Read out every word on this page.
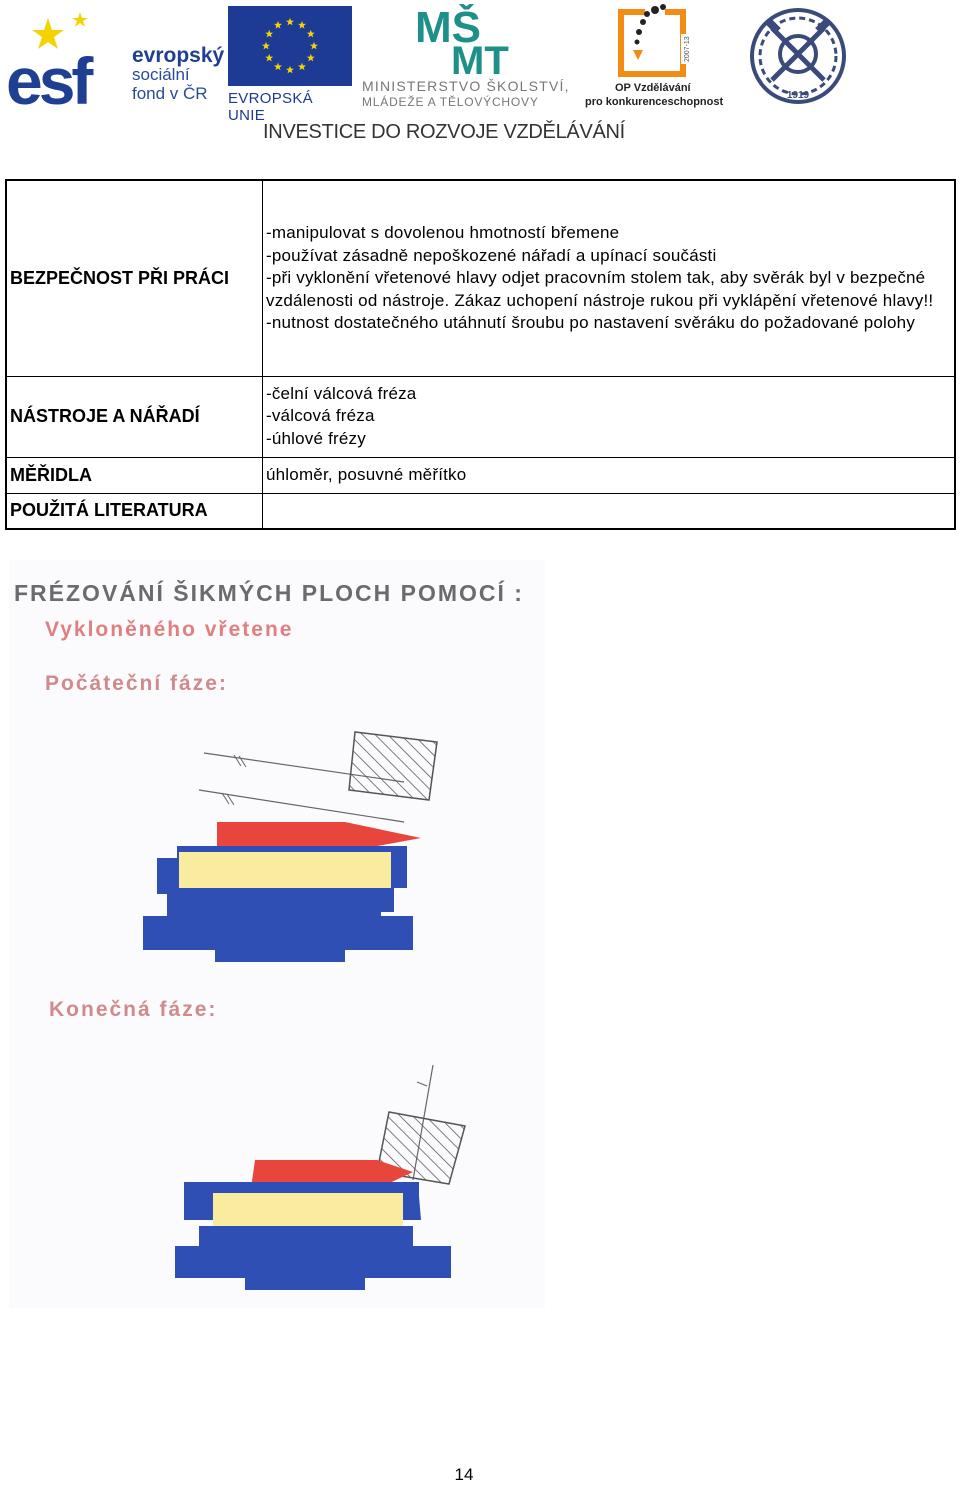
esf evropský
sociální
fond v ČR	EVROPSKÁ UNIE
MŠ
MT
MINISTERSTVO ŠKOLSTVÍ,
MLÁDEŽE A TĚLOVÝCHOVY
2007-13
OP Vzdělávání
pro konkurenceschopnost
1919
INVESTICE DO ROZVOJE VZDĚLÁVÁNÍ
BEZPEČNOST PŘI PRÁCI	-manipulovat s dovolenou hmotností břemene
-používat zásadně nepoškozené nářadí a upínací součásti
-při vyklonění vřetenové hlavy odjet pracovním stolem tak, aby svěrák byl v bezpečné vzdálenosti od nástroje. Zákaz uchopení nástroje rukou při vyklápění vřetenové hlavy!!
-nutnost dostatečného utáhnutí šroubu po nastavení svěráku do požadované polohy

NÁSTROJE A NÁŘADÍ	-čelní válcová fréza
-válcová fréza
-úhlové frézy

MĚŘIDLA	úhloměr, posuvné měřítko

POUŽITÁ LITERATURA	
FRÉZOVÁNÍ ŠIKMÝCH PLOCH POMOCÍ :
Vykloněného vřetene
Počáteční fáze:
Konečná fáze:
14
